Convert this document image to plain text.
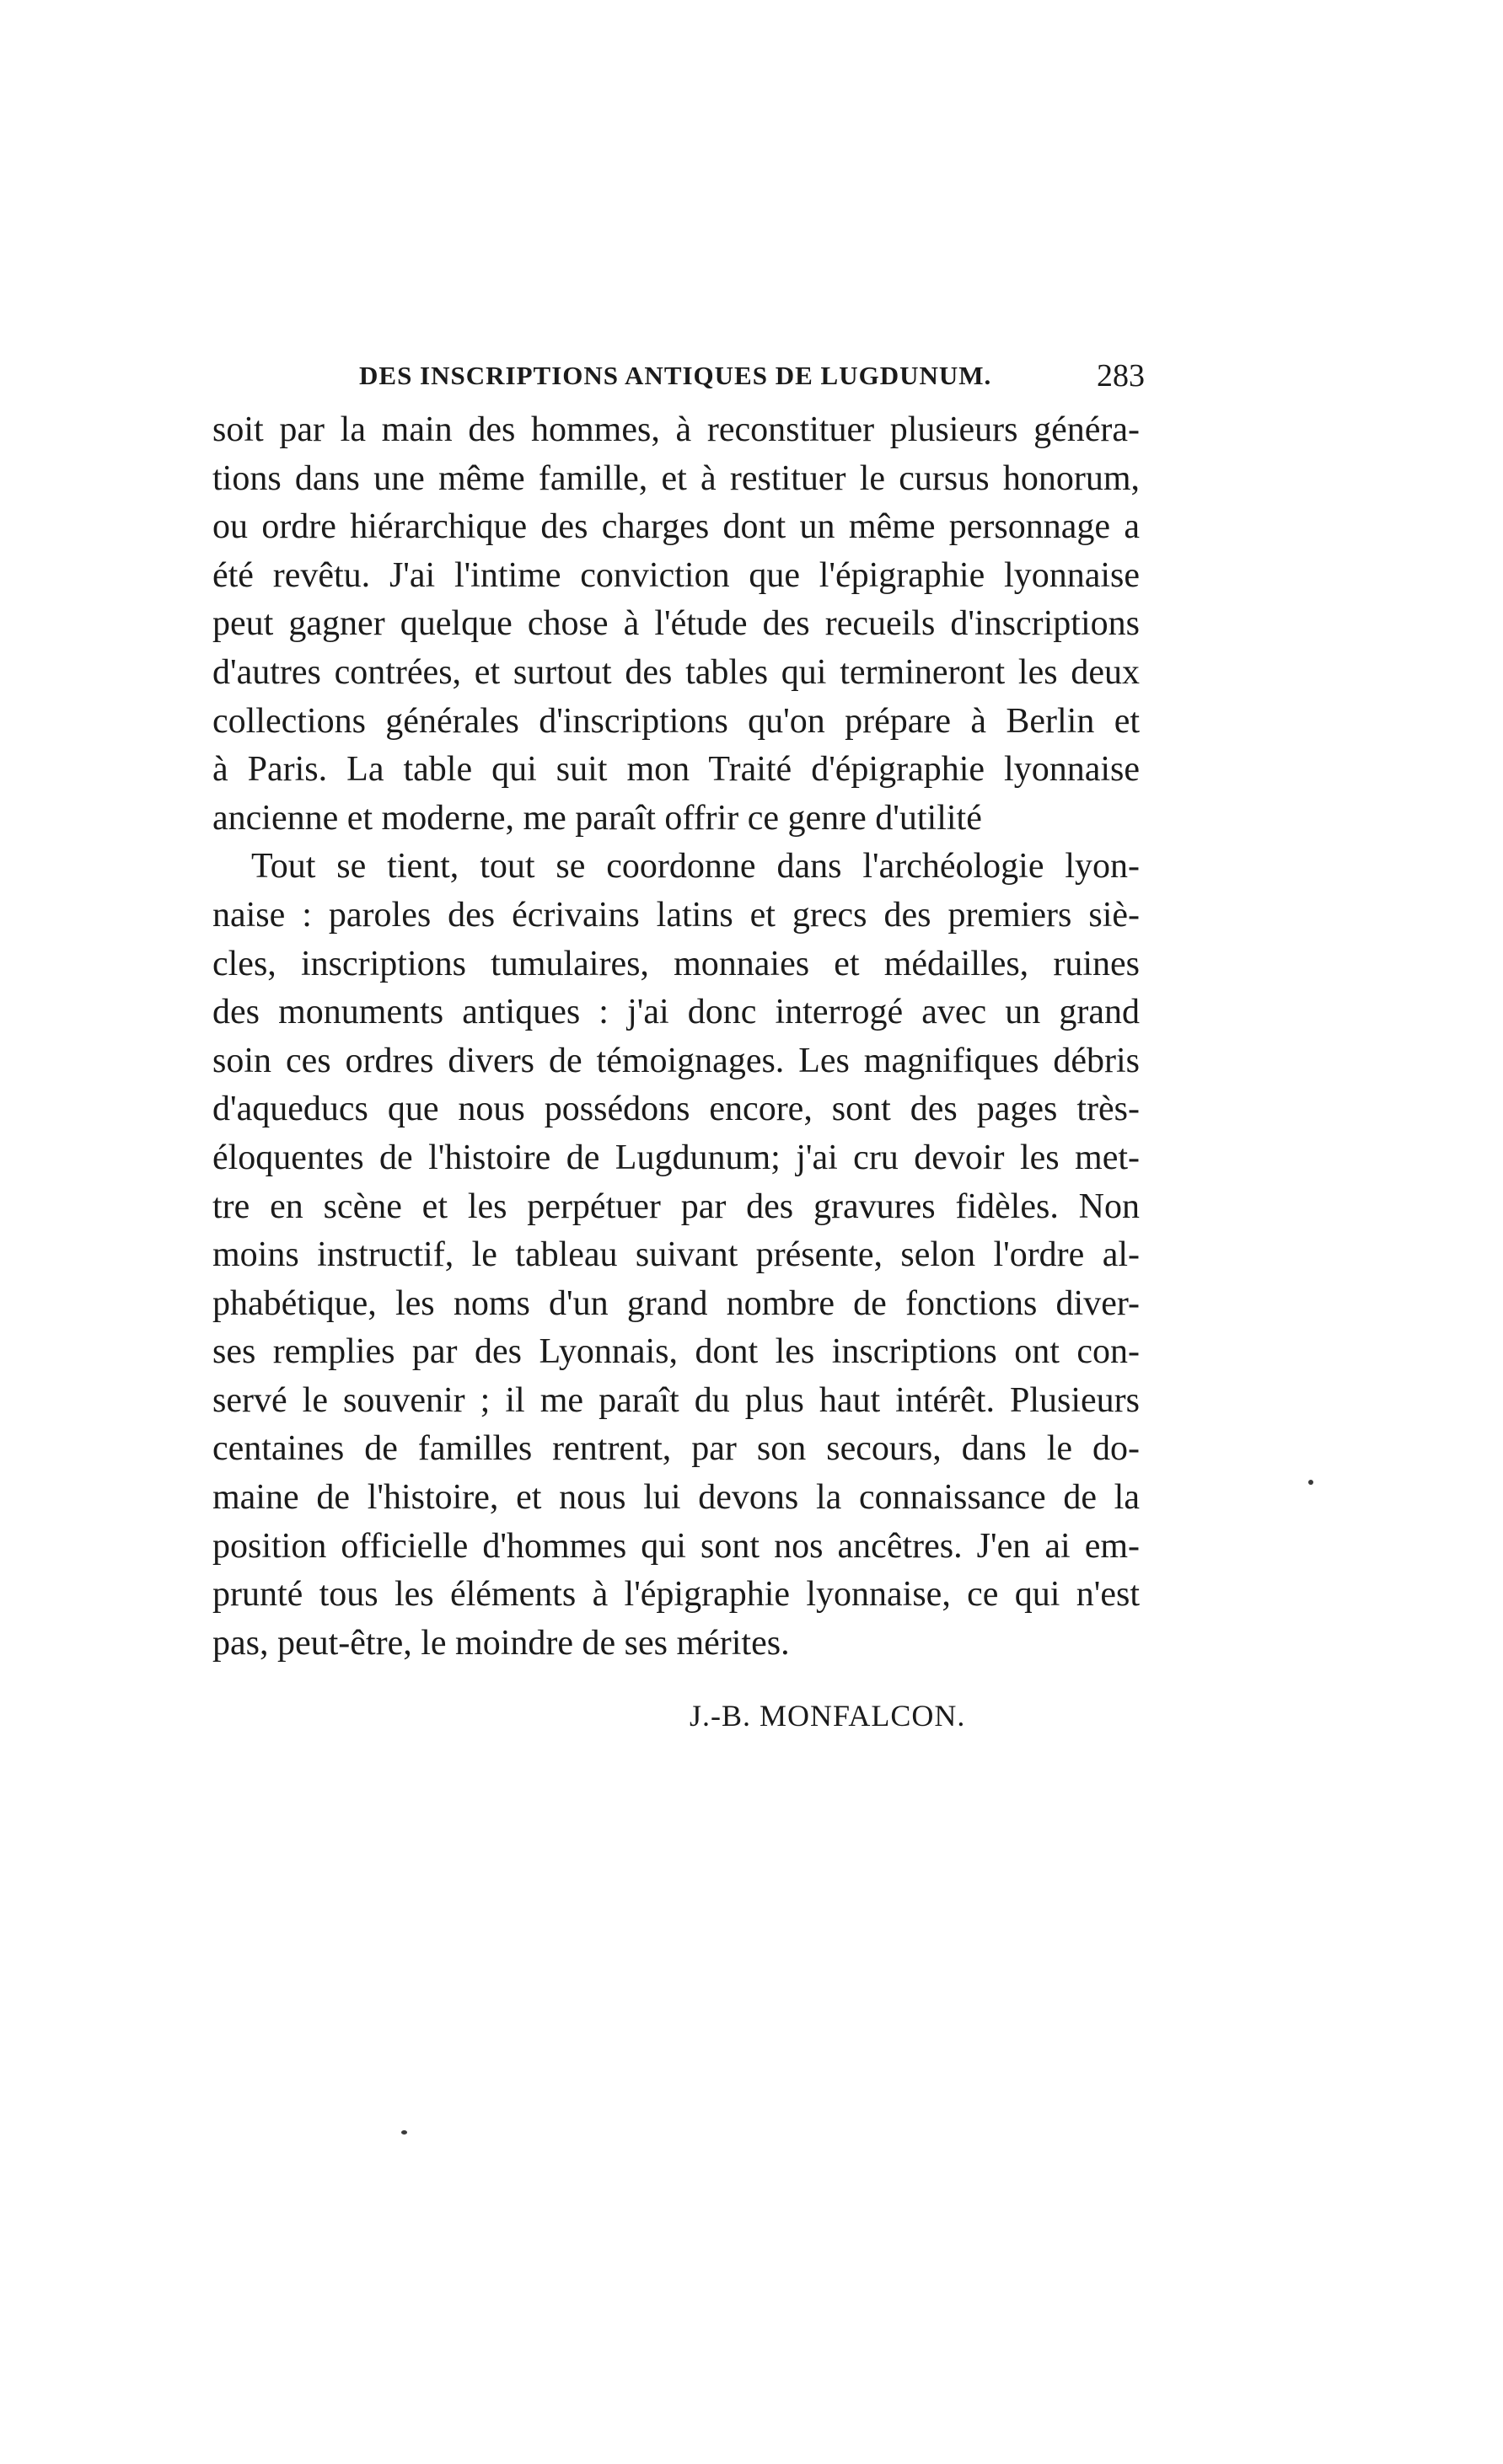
DES INSCRIPTIONS ANTIQUES DE LUGDUNUM.	283
soit par la main des hommes, à reconstituer plusieurs généra-
tions dans une même famille, et à restituer le cursus honorum,
ou ordre hiérarchique des charges dont un même personnage a
été revêtu. J'ai l'intime conviction que l'épigraphie lyonnaise
peut gagner quelque chose à l'étude des recueils d'inscriptions
d'autres contrées, et surtout des tables qui termineront les deux
collections générales d'inscriptions qu'on prépare à Berlin et
à Paris. La table qui suit mon Traité d'épigraphie lyonnaise
ancienne et moderne, me paraît offrir ce genre d'utilité
Tout se tient, tout se coordonne dans l'archéologie lyon-
naise : paroles des écrivains latins et grecs des premiers siè-
cles, inscriptions tumulaires, monnaies et médailles, ruines
des monuments antiques : j'ai donc interrogé avec un grand
soin ces ordres divers de témoignages. Les magnifiques débris
d'aqueducs que nous possédons encore, sont des pages très-
éloquentes de l'histoire de Lugdunum; j'ai cru devoir les met-
tre en scène et les perpétuer par des gravures fidèles. Non
moins instructif, le tableau suivant présente, selon l'ordre al-
phabétique, les noms d'un grand nombre de fonctions diver-
ses remplies par des Lyonnais, dont les inscriptions ont con-
servé le souvenir ; il me paraît du plus haut intérêt. Plusieurs
centaines de familles rentrent, par son secours, dans le do-
maine de l'histoire, et nous lui devons la connaissance de la
position officielle d'hommes qui sont nos ancêtres. J'en ai em-
prunté tous les éléments à l'épigraphie lyonnaise, ce qui n'est
pas, peut-être, le moindre de ses mérites.
J.-B. MONFALCON.
